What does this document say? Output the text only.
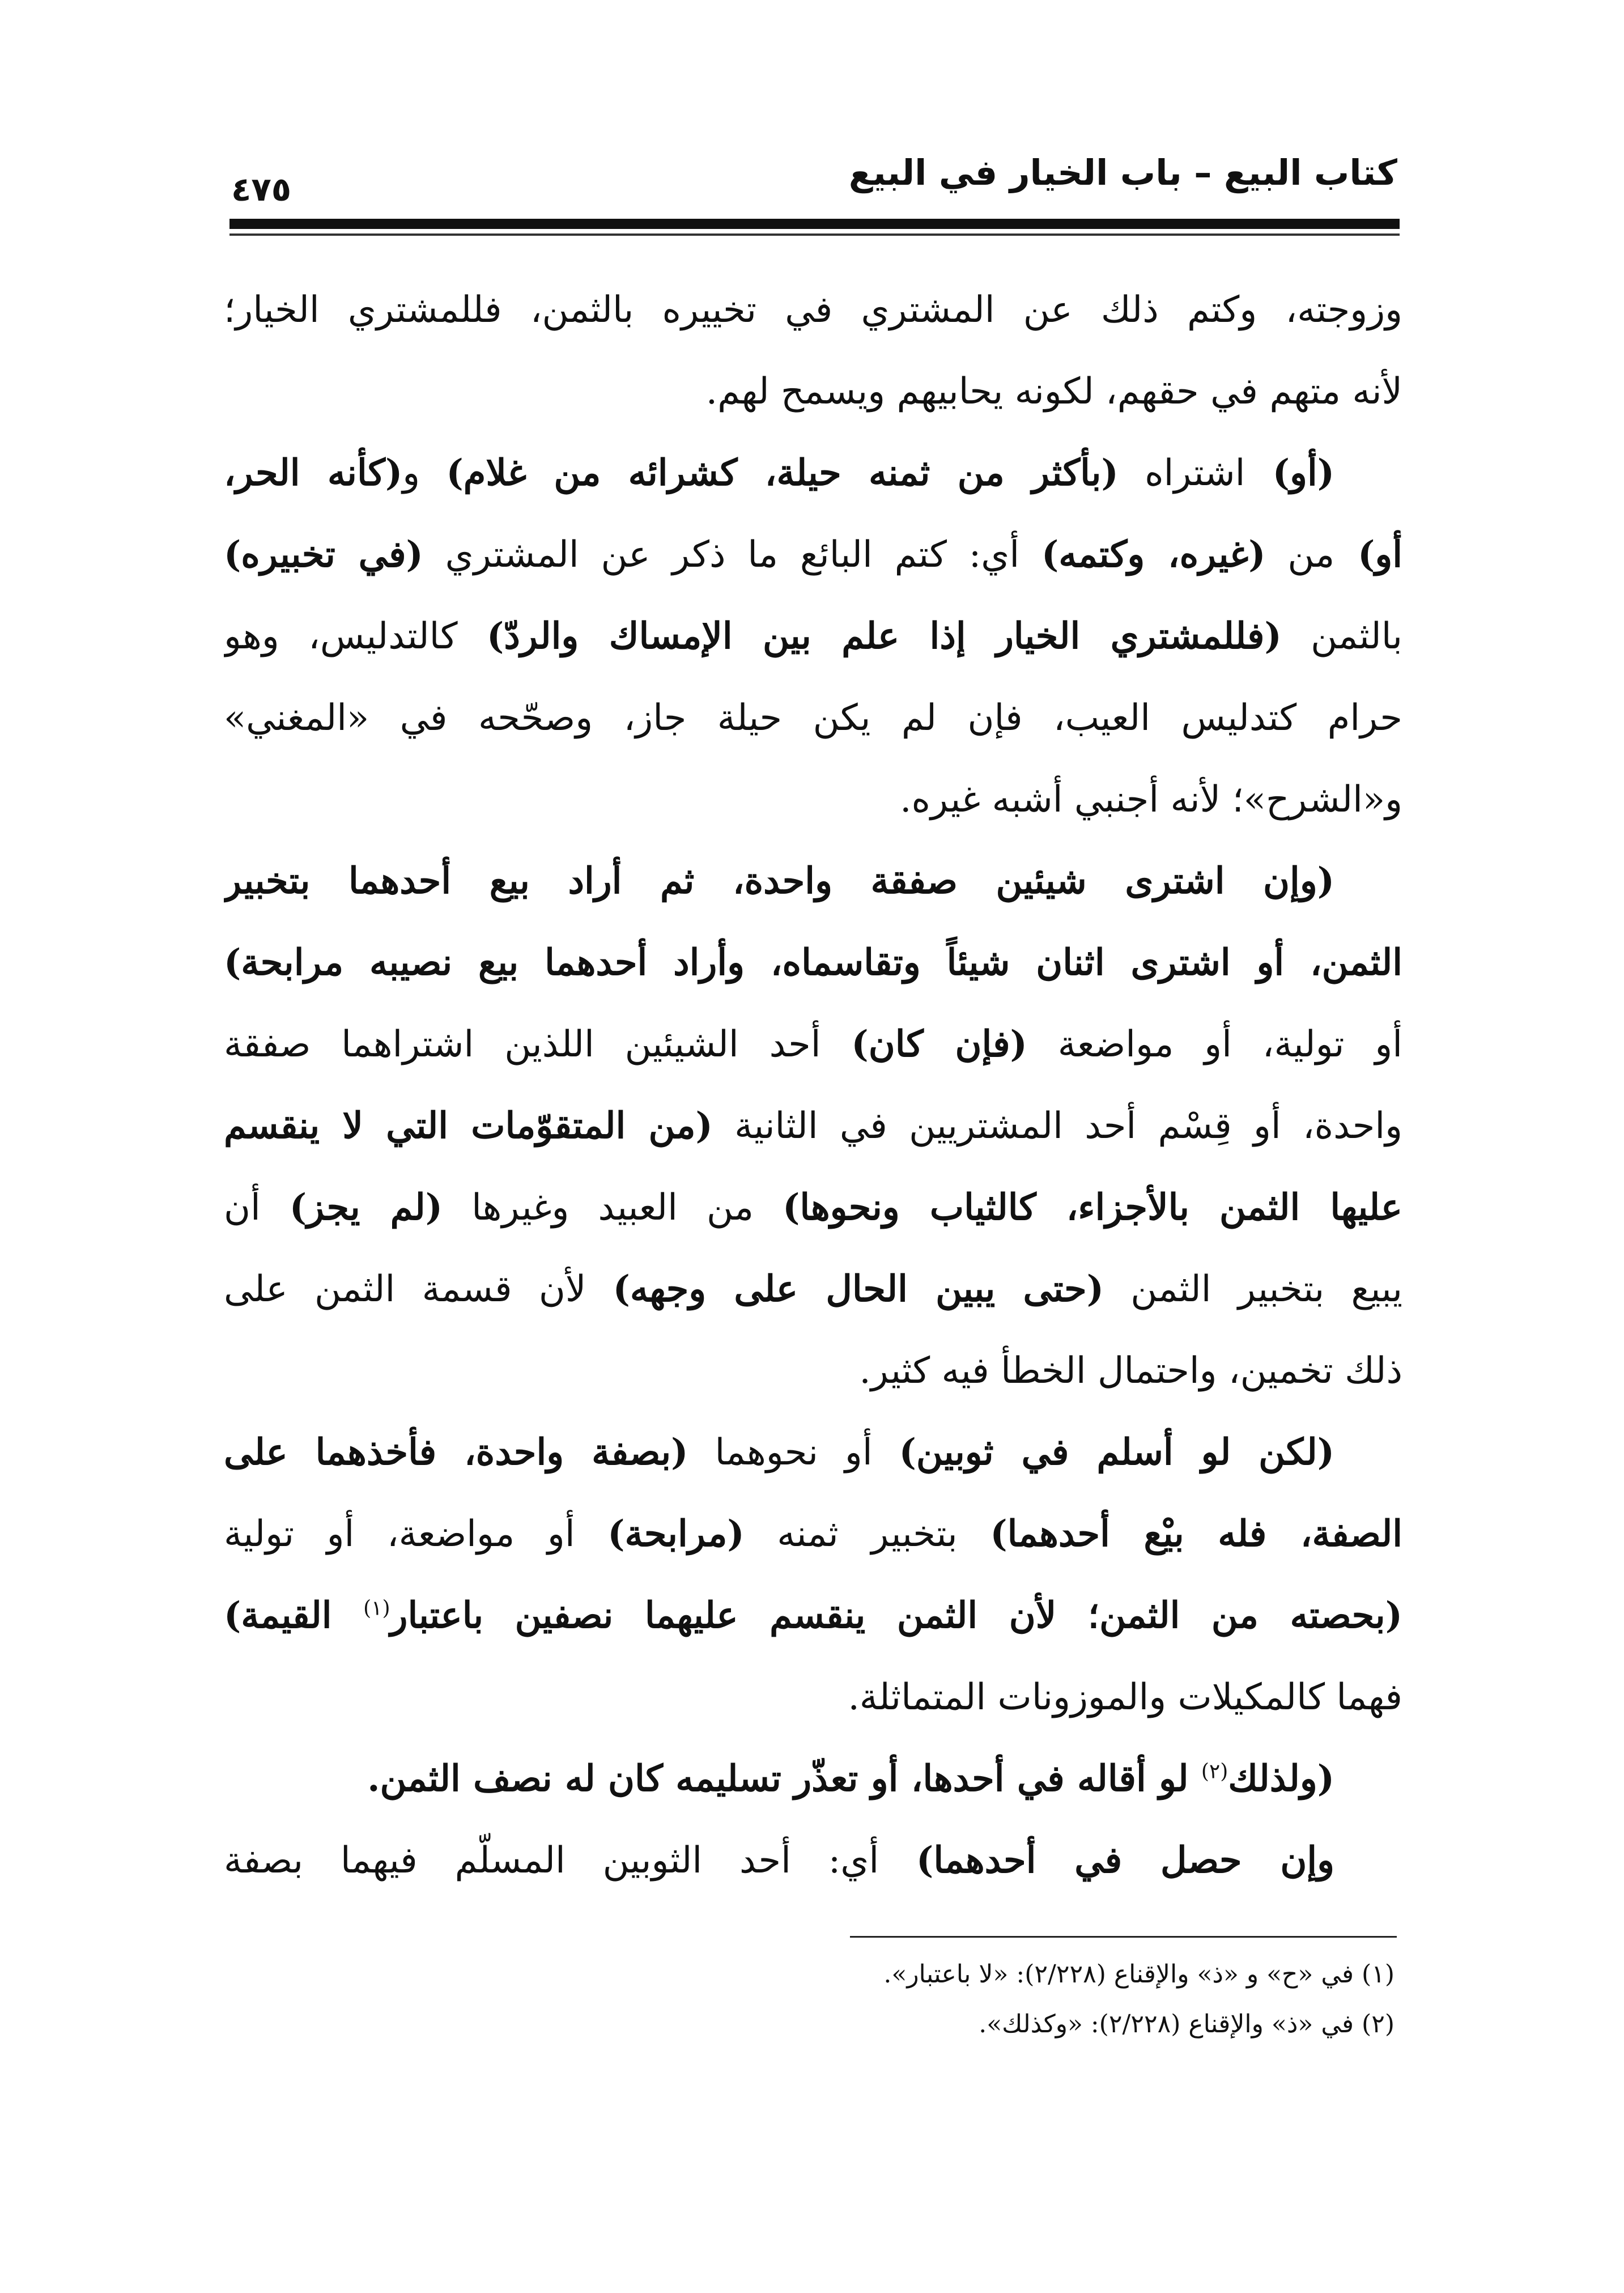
كتاب البيع – باب الخيار في البيع
٤٧٥
وزوجته، وكتم ذلك عن المشتري في تخييره بالثمن، فللمشتري الخيار؛
لأنه متهم في حقهم، لكونه يحابيهم ويسمح لهم.
(أو) اشتراه (بأكثر من ثمنه حيلة، كشرائه من غلام) و(كأنه الحر،
أو) من (غيره، وكتمه) أي: كتم البائع ما ذكر عن المشتري (في تخبيره)
بالثمن (فللمشتري الخيار إذا علم بين الإمساك والردّ) كالتدليس، وهو
حرام كتدليس العيب، فإن لم يكن حيلة جاز، وصحّحه في «المغني»
و«الشرح»؛ لأنه أجنبي أشبه غيره.
(وإن اشترى شيئين صفقة واحدة، ثم أراد بيع أحدهما بتخبير
الثمن، أو اشترى اثنان شيئاً وتقاسماه، وأراد أحدهما بيع نصيبه مرابحة)
أو تولية، أو مواضعة (فإن كان) أحد الشيئين اللذين اشتراهما صفقة
واحدة، أو قِسْم أحد المشتريين في الثانية (من المتقوّمات التي لا ينقسم
عليها الثمن بالأجزاء، كالثياب ونحوها) من العبيد وغيرها (لم يجز) أن
يبيع بتخبير الثمن (حتى يبين الحال على وجهه) لأن قسمة الثمن على
ذلك تخمين، واحتمال الخطأ فيه كثير.
(لكن لو أسلم في ثوبين) أو نحوهما (بصفة واحدة، فأخذهما على
الصفة، فله بيْع أحدهما) بتخبير ثمنه (مرابحة) أو مواضعة، أو تولية
(بحصته من الثمن؛ لأن الثمن ينقسم عليهما نصفين باعتبار$^{(١)}$ القيمة)
فهما كالمكيلات والموزونات المتماثلة.
(ولذلك$^{(٢)}$ لو أقاله في أحدها، أو تعذّر تسليمه كان له نصف الثمن.
وإن حصل في أحدهما) أي: أحد الثوبين المسلّم فيهما بصفة
(١) في «ح» و «ذ» والإقناع (٢/٢٢٨): «لا باعتبار».
(٢) في «ذ» والإقناع (٢/٢٢٨): «وكذلك».
